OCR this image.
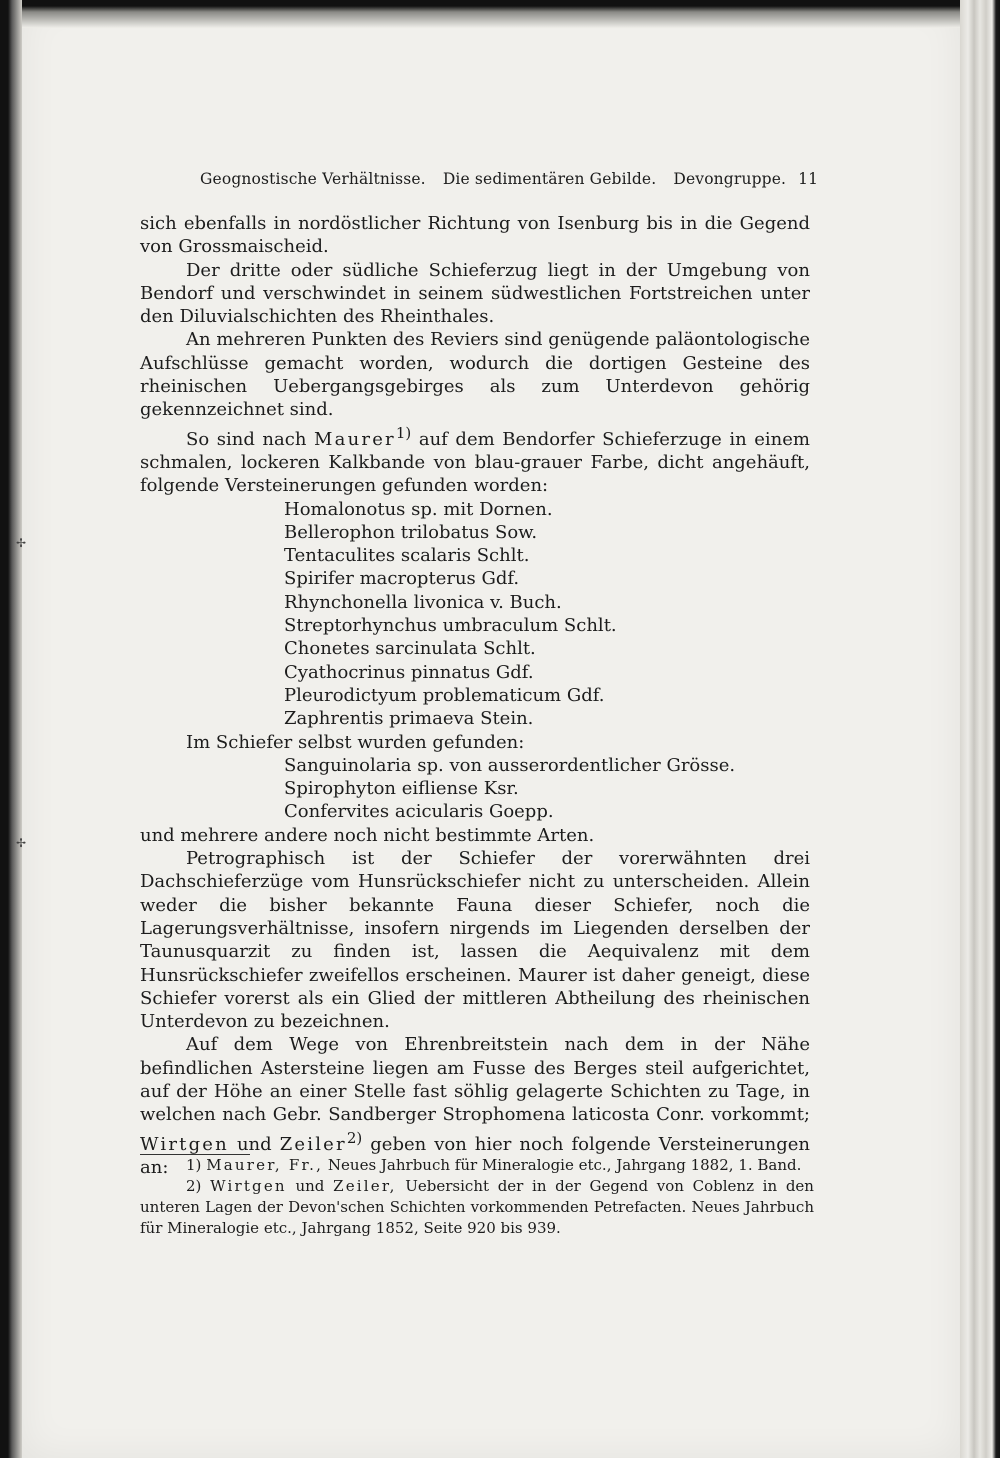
✢
✢
Geognostische Verhältnisse. Die sedimentären Gebilde. Devongruppe. 11

sich ebenfalls in nordöstlicher Richtung von Isenburg bis in die Gegend von Grossmaischeid.

Der dritte oder südliche Schieferzug liegt in der Umgebung von Bendorf und verschwindet in seinem südwestlichen Fortstreichen unter den Diluvialschichten des Rheinthales.

An mehreren Punkten des Reviers sind genügende paläontologische Aufschlüsse gemacht worden, wodurch die dortigen Gesteine des rheinischen Uebergangsgebirges als zum Unterdevon gehörig gekennzeichnet sind.

So sind nach Maurer$^{1)}$ auf dem Bendorfer Schieferzuge in einem schmalen, lockeren Kalkbande von blau-grauer Farbe, dicht angehäuft, folgende Versteinerungen gefunden worden:

Homalonotus sp. mit Dornen.

Bellerophon trilobatus Sow.

Tentaculites scalaris Schlt.

Spirifer macropterus Gdf.

Rhynchonella livonica v. Buch.

Streptorhynchus umbraculum Schlt.

Chonetes sarcinulata Schlt.

Cyathocrinus pinnatus Gdf.

Pleurodictyum problematicum Gdf.

Zaphrentis primaeva Stein.

Im Schiefer selbst wurden gefunden:

Sanguinolaria sp. von ausserordentlicher Grösse.

Spirophyton eifliense Ksr.

Confervites acicularis Goepp.

und mehrere andere noch nicht bestimmte Arten.

Petrographisch ist der Schiefer der vorerwähnten drei Dachschieferzüge vom Hunsrückschiefer nicht zu unterscheiden. Allein weder die bisher bekannte Fauna dieser Schiefer, noch die Lagerungsverhältnisse, insofern nirgends im Liegenden derselben der Taunusquarzit zu finden ist, lassen die Aequivalenz mit dem Hunsrückschiefer zweifellos erscheinen. Maurer ist daher geneigt, diese Schiefer vorerst als ein Glied der mittleren Abtheilung des rheinischen Unterdevon zu bezeichnen.

Auf dem Wege von Ehrenbreitstein nach dem in der Nähe befindlichen Astersteine liegen am Fusse des Berges steil aufgerichtet, auf der Höhe an einer Stelle fast söhlig gelagerte Schichten zu Tage, in welchen nach Gebr. Sandberger Strophomena laticosta Conr. vorkommt; Wirtgen und Zeiler$^{2)}$ geben von hier noch folgende Versteinerungen an:	1) Maurer, Fr., Neues Jahrbuch für Mineralogie etc., Jahrgang 1882, 1. Band.

2) Wirtgen und Zeiler, Uebersicht der in der Gegend von Coblenz in den unteren Lagen der Devon'schen Schichten vorkommenden Petrefacten. Neues Jahrbuch für Mineralogie etc., Jahrgang 1852, Seite 920 bis 939.
